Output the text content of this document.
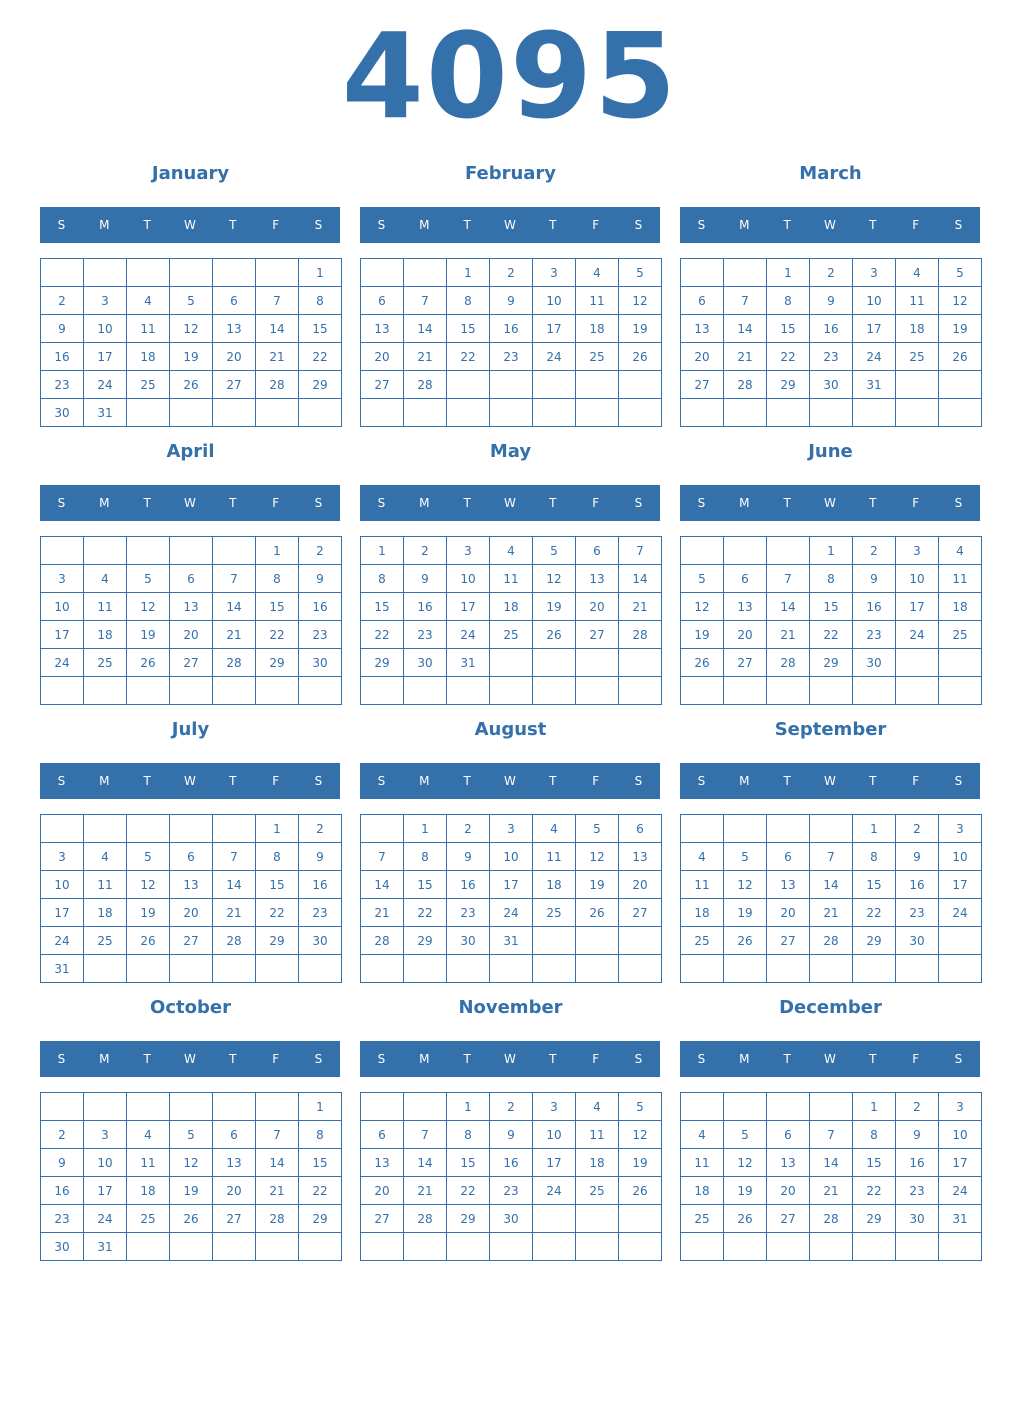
4095
January
S	M	T	W	T	F	S
						1
2	3	4	5	6	7	8
9	10	11	12	13	14	15
16	17	18	19	20	21	22
23	24	25	26	27	28	29
30	31					
February
S	M	T	W	T	F	S
		1	2	3	4	5
6	7	8	9	10	11	12
13	14	15	16	17	18	19
20	21	22	23	24	25	26
27	28					

March
S	M	T	W	T	F	S
		1	2	3	4	5
6	7	8	9	10	11	12
13	14	15	16	17	18	19
20	21	22	23	24	25	26
27	28	29	30	31		

April
S	M	T	W	T	F	S
					1	2
3	4	5	6	7	8	9
10	11	12	13	14	15	16
17	18	19	20	21	22	23
24	25	26	27	28	29	30

May
S	M	T	W	T	F	S
1	2	3	4	5	6	7
8	9	10	11	12	13	14
15	16	17	18	19	20	21
22	23	24	25	26	27	28
29	30	31				

June
S	M	T	W	T	F	S
			1	2	3	4
5	6	7	8	9	10	11
12	13	14	15	16	17	18
19	20	21	22	23	24	25
26	27	28	29	30		

July
S	M	T	W	T	F	S
					1	2
3	4	5	6	7	8	9
10	11	12	13	14	15	16
17	18	19	20	21	22	23
24	25	26	27	28	29	30
31						
August
S	M	T	W	T	F	S
	1	2	3	4	5	6
7	8	9	10	11	12	13
14	15	16	17	18	19	20
21	22	23	24	25	26	27
28	29	30	31			

September
S	M	T	W	T	F	S
				1	2	3
4	5	6	7	8	9	10
11	12	13	14	15	16	17
18	19	20	21	22	23	24
25	26	27	28	29	30	

October
S	M	T	W	T	F	S
						1
2	3	4	5	6	7	8
9	10	11	12	13	14	15
16	17	18	19	20	21	22
23	24	25	26	27	28	29
30	31					
November
S	M	T	W	T	F	S
		1	2	3	4	5
6	7	8	9	10	11	12
13	14	15	16	17	18	19
20	21	22	23	24	25	26
27	28	29	30			

December
S	M	T	W	T	F	S
				1	2	3
4	5	6	7	8	9	10
11	12	13	14	15	16	17
18	19	20	21	22	23	24
25	26	27	28	29	30	31
